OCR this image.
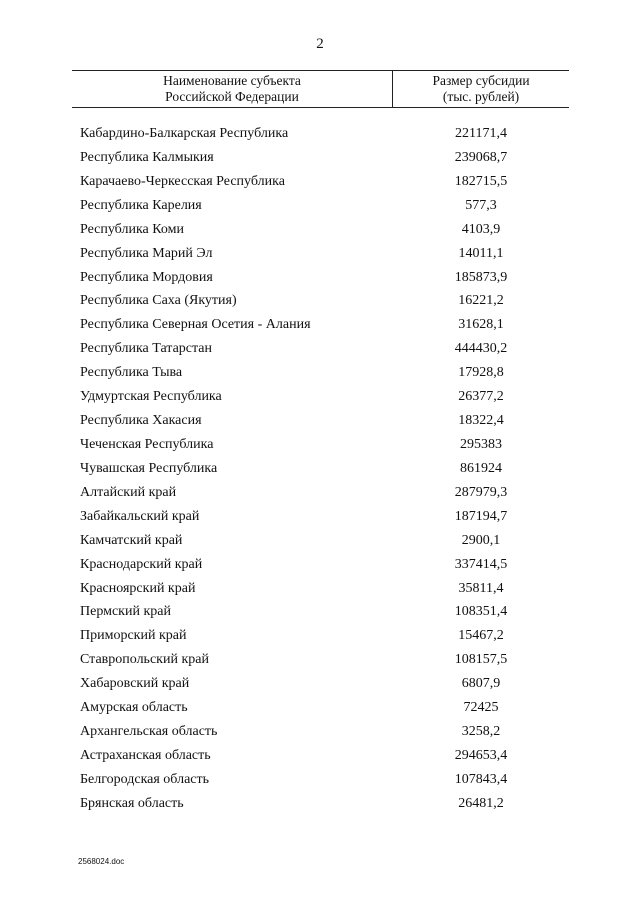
2
Наименование субъекта
Российской Федерации
Размер субсидии
(тыс. рублей)
Кабардино-Балкарская Республика	221171,4
Республика Калмыкия	239068,7
Карачаево-Черкесская Республика	182715,5
Республика Карелия	577,3
Республика Коми	4103,9
Республика Марий Эл	14011,1
Республика Мордовия	185873,9
Республика Саха (Якутия)	16221,2
Республика Северная Осетия - Алания	31628,1
Республика Татарстан	444430,2
Республика Тыва	17928,8
Удмуртская Республика	26377,2
Республика Хакасия	18322,4
Чеченская Республика	295383
Чувашская Республика	861924
Алтайский край	287979,3
Забайкальский край	187194,7
Камчатский край	2900,1
Краснодарский край	337414,5
Красноярский край	35811,4
Пермский край	108351,4
Приморский край	15467,2
Ставропольский край	108157,5
Хабаровский край	6807,9
Амурская область	72425
Архангельская область	3258,2
Астраханская область	294653,4
Белгородская область	107843,4
Брянская область	26481,2
2568024.doc
